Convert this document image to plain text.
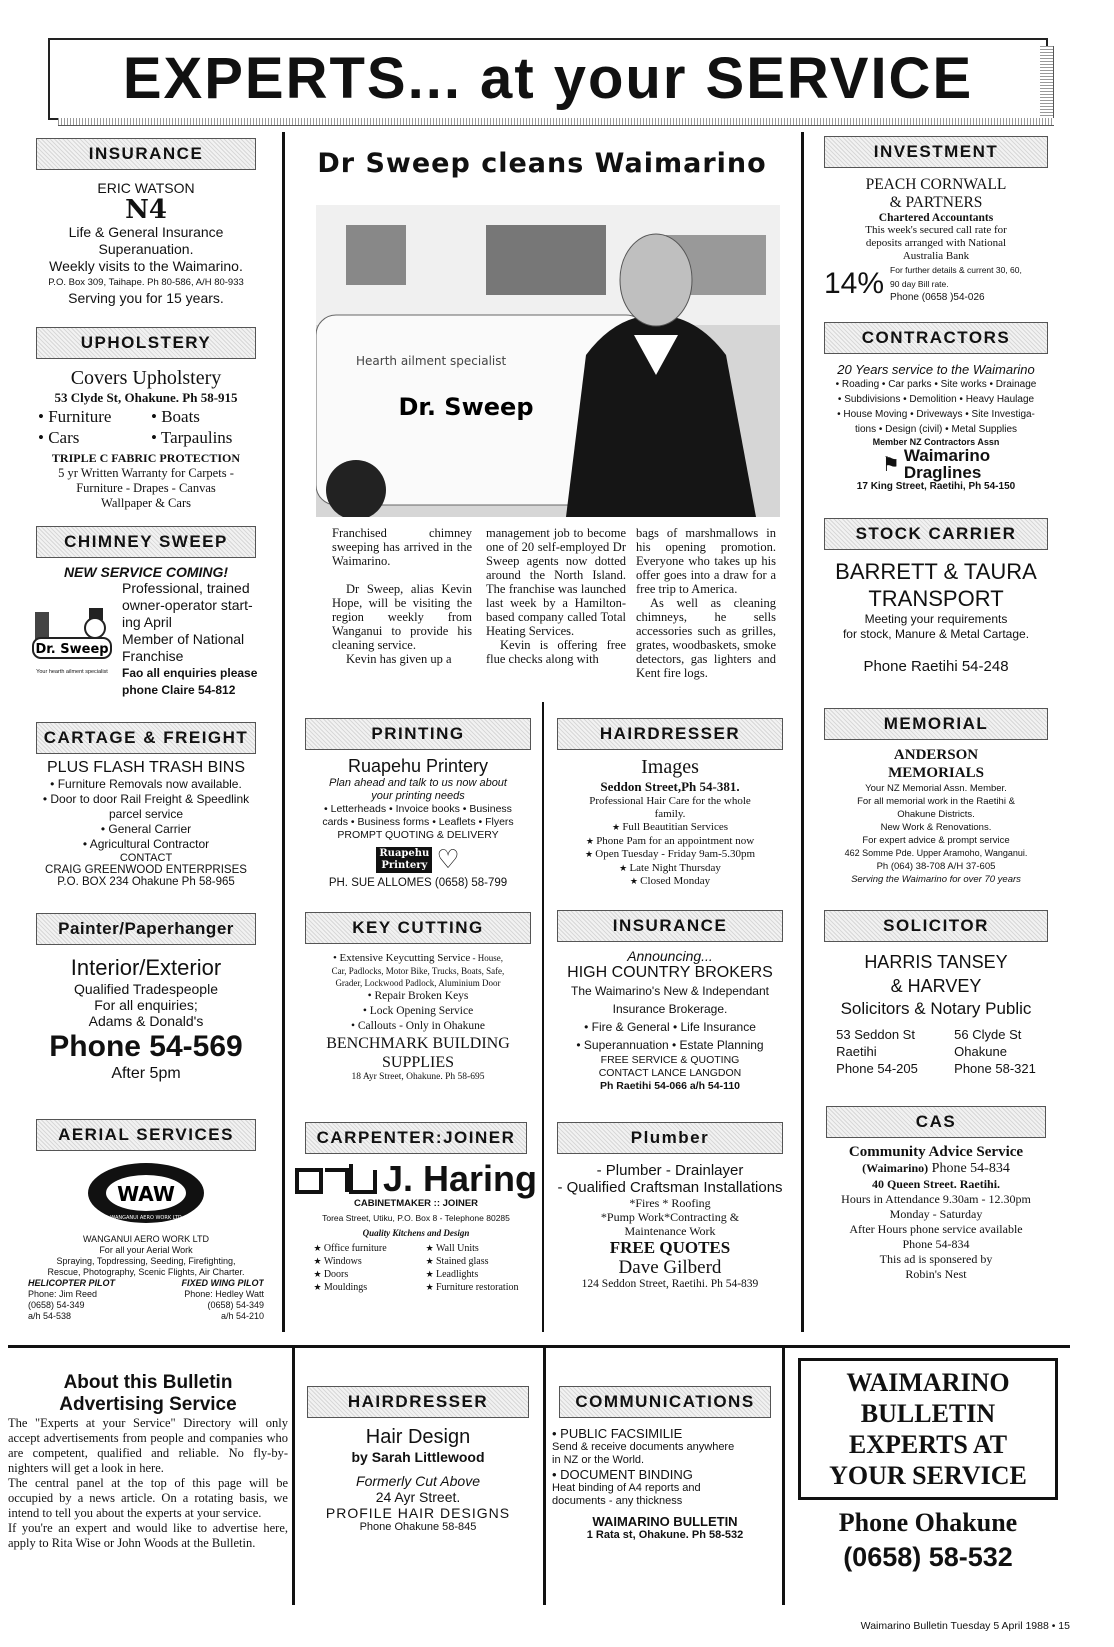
EXPERTS... at your SERVICE
INSURANCE
ERIC WATSON
N4
Life & General Insurance
Superanuation.
Weekly visits to the Waimarino.
P.O. Box 309, Taihape. Ph 80-586, A/H 80-933
Serving you for 15 years.
UPHOLSTERY
Covers Upholstery
53 Clyde St, Ohakune. Ph 58-915
• Furniture	• Boats
• Cars	• Tarpaulins
TRIPLE C FABRIC PROTECTION
5 yr Written Warranty for Carpets -
Furniture - Drapes - Canvas
Wallpaper & Cars
CHIMNEY SWEEP
NEW SERVICE COMING!
Dr. Sweep
Your hearth ailment specialist
Professional, trained
owner-operator start-
ing April
Member of National
Franchise
Fao all enquiries please
phone Claire 54-812
CARTAGE & FREIGHT
PLUS FLASH TRASH BINS
• Furniture Removals now available.
• Door to door Rail Freight & Speedlink parcel service
• General Carrier
• Agricultural Contractor
CONTACT
CRAIG GREENWOOD ENTERPRISES
P.O. BOX 234 Ohakune Ph 58-965
Painter/Paperhanger
Interior/Exterior
Qualified Tradespeople
For all enquiries;
Adams & Donald's
Phone 54-569
After 5pm
AERIAL SERVICES
WAW
WANGANUI AERO WORK LTD
WANGANUI AERO WORK LTD
For all your Aerial Work
Spraying, Topdressing, Seeding, Firefighting,
Rescue, Photography, Scenic Flights, Air Charter.
HELICOPTER PILOT
Phone: Jim Reed
(0658) 54-349
a/h 54-538
FIXED WING PILOT
Phone: Hedley Watt
(0658) 54-349
a/h 54-210
About this Bulletin
Advertising Service
The "Experts at your Service" Directory will only accept advertisements from people and companies who are competent, qualified and reliable. No fly-by-nighters will get a look in here.
The central panel at the top of this page will be occupied by a news article. On a rotating basis, we intend to tell you about the experts at your service.
If you're an expert and would like to advertise here, apply to Rita Wise or John Woods at the Bulletin.
Dr Sweep cleans Waimarino
Dr. Sweep
Hearth ailment specialist

Franchised chimney sweeping has arrived in the Waimarino.

Dr Sweep, alias Kevin Hope, will be visiting the region weekly from Wanganui to provide his cleaning service.

Kevin has given up a

management job to become one of 20 self-employed Dr Sweep agents now dotted around the North Island. The franchise was launched last week by a Hamilton-based company called Total Heating Services.

Kevin is offering free flue checks along with

bags of marshmallows in his opening promotion. Everyone who takes up his offer goes into a draw for a free trip to America.

As well as cleaning chimneys, he sells accessories such as grilles, grates, woodbaskets, smoke detectors, gas lighters and Kent fire logs.

PRINTING
Ruapehu Printery
Plan ahead and talk to us now about
your printing needs
• Letterheads • Invoice books • Business
cards • Business forms • Leaflets • Flyers
PROMPT QUOTING & DELIVERY
Ruapehu
Printery ♡
PH. SUE ALLOMES (0658) 58-799
HAIRDRESSER
Images
Seddon Street,Ph 54-381.
Professional Hair Care for the whole
family.
★ Full Beautitian Services
★ Phone Pam for an appointment now
★ Open Tuesday - Friday 9am-5.30pm
★ Late Night Thursday
★ Closed Monday
KEY CUTTING
• Extensive Keycutting Service - House,
Car, Padlocks, Motor Bike, Trucks, Boats, Safe,
Grader, Lockwood Padlock, Aluminium Door
• Repair Broken Keys
• Lock Opening Service
• Callouts - Only in Ohakune
BENCHMARK BUILDING
SUPPLIES
18 Ayr Street, Ohakune. Ph 58-695
INSURANCE
Announcing...
HIGH COUNTRY BROKERS
The Waimarino's New & Independant
Insurance Brokerage.
• Fire & General • Life Insurance
• Superannuation • Estate Planning
FREE SERVICE & QUOTING
CONTACT LANCE LANGDON
Ph Raetihi 54-066 a/h 54-110
CARPENTER:JOINER
J. Haring
CABINETMAKER :: JOINER
Torea Street, Utiku, P.O. Box 8 - Telephone 80285
Quality Kitchens and Design
★ Office furniture
★ Windows
★ Doors
★ Mouldings
★ Wall Units
★ Stained glass
★ Leadlights
★ Furniture restoration
Plumber
- Plumber - Drainlayer
- Qualified Craftsman Installations
*Fires * Roofing
*Pump Work*Contracting &
Maintenance Work
FREE QUOTES
Dave Gilberd
124 Seddon Street, Raetihi. Ph 54-839
HAIRDRESSER
Hair Design
by Sarah Littlewood
Formerly Cut Above
24 Ayr Street.
PROFILE HAIR DESIGNS
Phone Ohakune 58-845
COMMUNICATIONS
• PUBLIC FACSIMILIE
Send & receive documents anywhere
in NZ or the World.
• DOCUMENT BINDING
Heat binding of A4 reports and
documents - any thickness
WAIMARINO BULLETIN
1 Rata st, Ohakune. Ph 58-532
INVESTMENT
PEACH CORNWALL
& PARTNERS
Chartered Accountants
This week's secured call rate for
deposits arranged with National
Australia Bank
14% For further details & current 30, 60,
90 day Bill rate.
Phone (0658 )54-026
CONTRACTORS
20 Years service to the Waimarino
• Roading • Car parks • Site works • Drainage
• Subdivisions • Demolition • Heavy Haulage
• House Moving • Driveways • Site Investiga-
tions • Design (civil) • Metal Supplies
Member NZ Contractors Assn
⚑ Waimarino
Draglines
17 King Street, Raetihi, Ph 54-150
STOCK CARRIER
BARRETT & TAURA
TRANSPORT
Meeting your requirements
for stock, Manure & Metal Cartage.
Phone Raetihi 54-248
MEMORIAL
ANDERSON
MEMORIALS
Your NZ Memorial Assn. Member.
For all memorial work in the Raetihi &
Ohakune Districts.
New Work & Renovations.
For expert advice & prompt service
462 Somme Pde. Upper Aramoho, Wanganui.
Ph (064) 38-708 A/H 37-605
Serving the Waimarino for over 70 years
SOLICITOR
HARRIS TANSEY
& HARVEY
Solicitors & Notary Public
53 Seddon St
Raetihi
Phone 54-205
56 Clyde St
Ohakune
Phone 58-321
CAS
Community Advice Service
(Waimarino) Phone 54-834
40 Queen Street. Raetihi.
Hours in Attendance 9.30am - 12.30pm
Monday - Saturday
After Hours phone service available
Phone 54-834
This ad is sponsered by
Robin's Nest
WAIMARINO
BULLETIN
EXPERTS AT
YOUR SERVICE
Phone Ohakune
(0658) 58-532
Waimarino Bulletin Tuesday 5 April 1988 • 15
